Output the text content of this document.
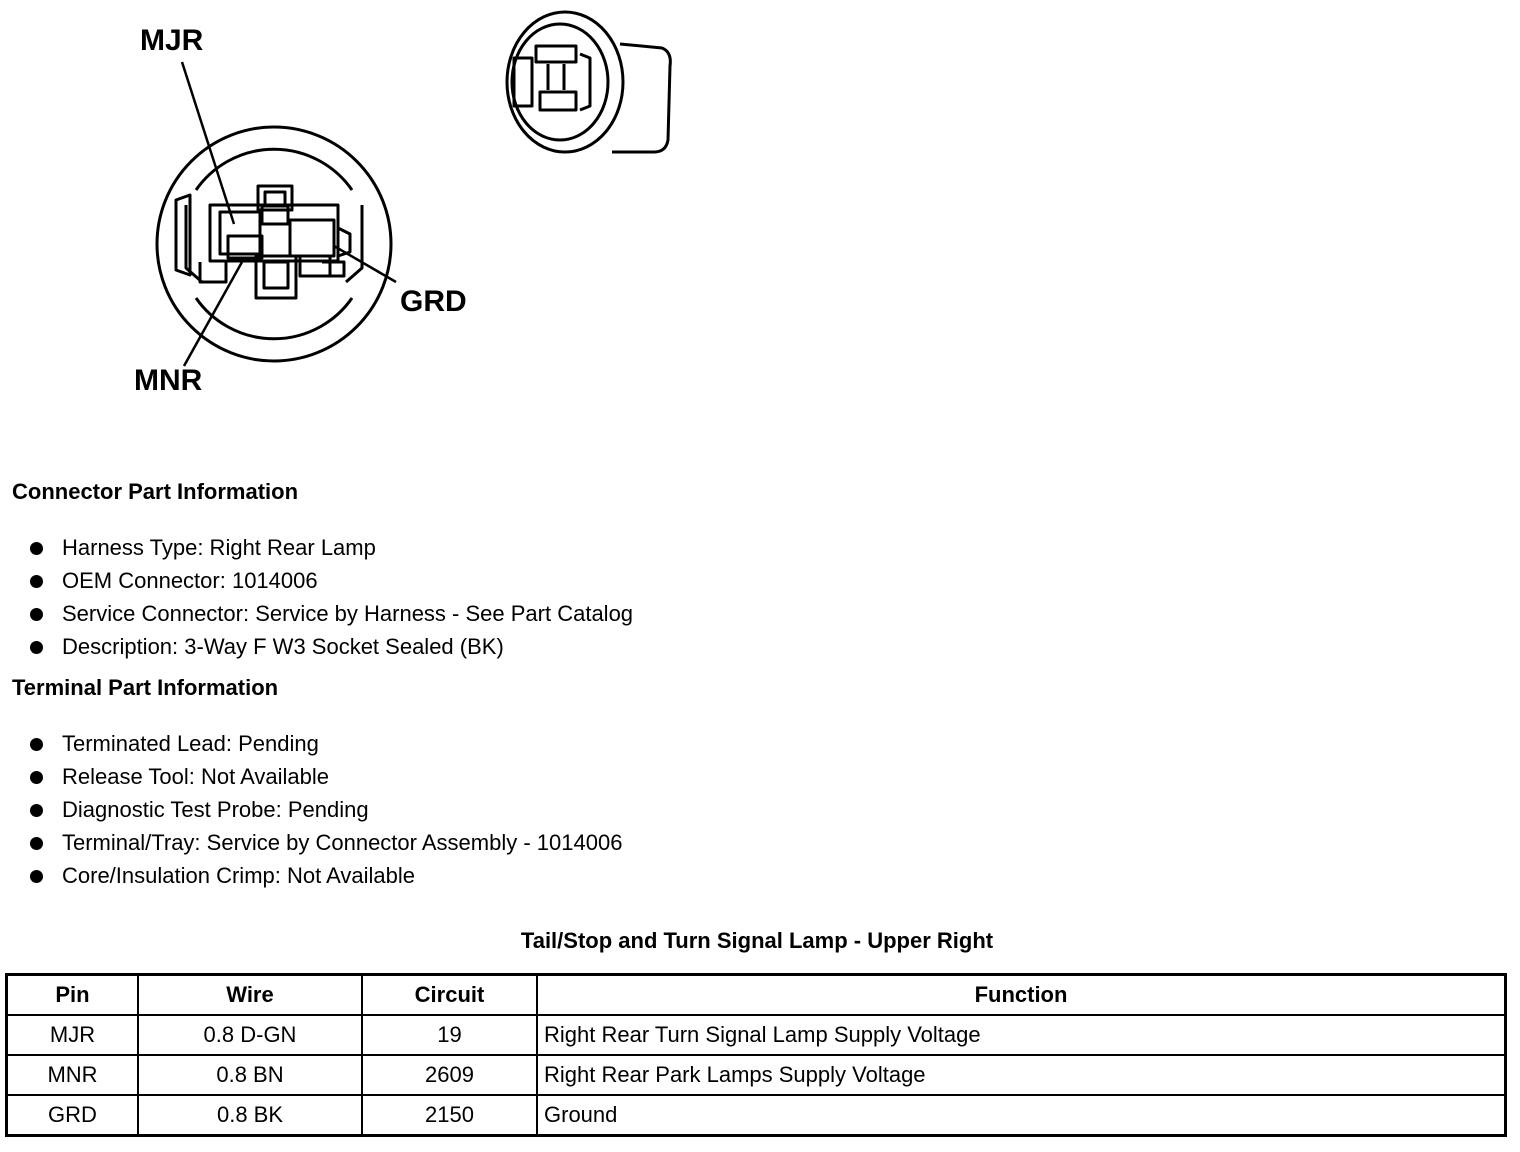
MJR
GRD
MNR
Connector Part Information
Harness Type: Right Rear Lamp
OEM Connector: 1014006
Service Connector: Service by Harness - See Part Catalog
Description: 3-Way F W3 Socket Sealed (BK)
Terminal Part Information
Terminated Lead: Pending
Release Tool: Not Available
Diagnostic Test Probe: Pending
Terminal/Tray: Service by Connector Assembly - 1014006
Core/Insulation Crimp: Not Available
Tail/Stop and Turn Signal Lamp - Upper Right
Pin	Wire	Circuit	Function
MJR	0.8 D-GN	19	Right Rear Turn Signal Lamp Supply Voltage
MNR	0.8 BN	2609	Right Rear Park Lamps Supply Voltage
GRD	0.8 BK	2150	Ground
